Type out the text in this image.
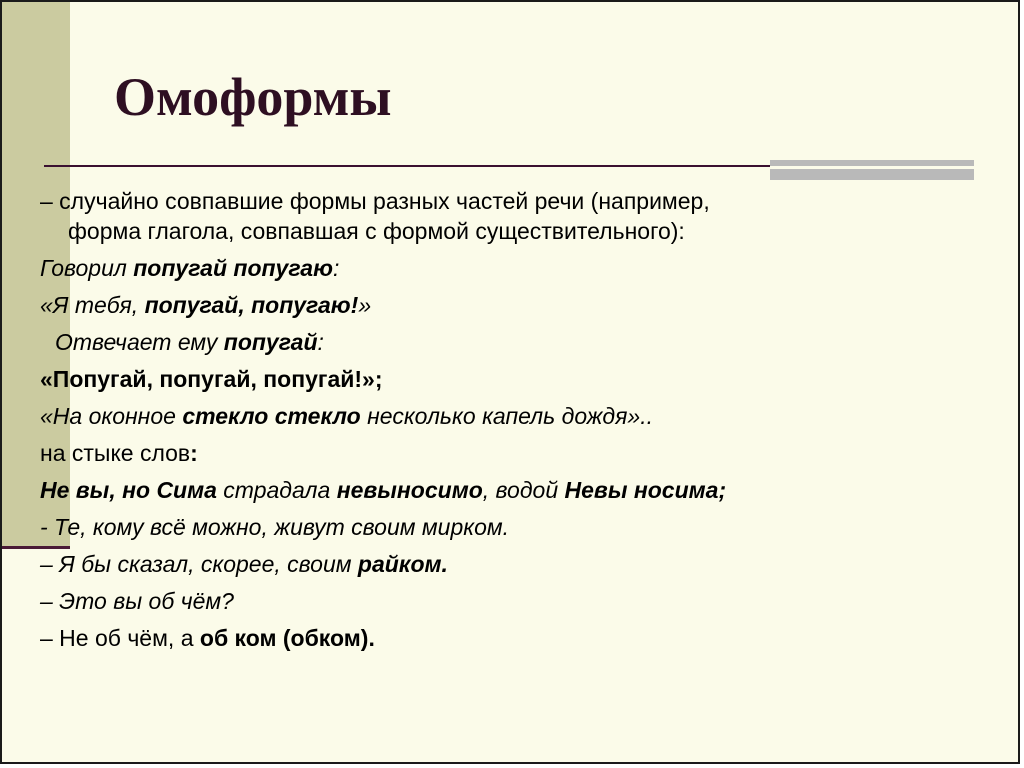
Омоформы
– случайно совпавшие формы разных частей речи (например,
форма глагола, совпавшая с формой существительного):
Говорил попугай попугаю:
«Я тебя, попугай, попугаю!»
Отвечает ему попугай:
«Попугай, попугай, попугай!»;
«На оконное стекло стекло несколько капель дождя»..
на стыке слов:
Не вы, но Сима страдала невыносимо, водой Невы носима;
- Те, кому всё можно, живут своим мирком.
– Я бы сказал, скорее, своим райком.
– Это вы об чём?
– Не об чём, а об ком (обком).
